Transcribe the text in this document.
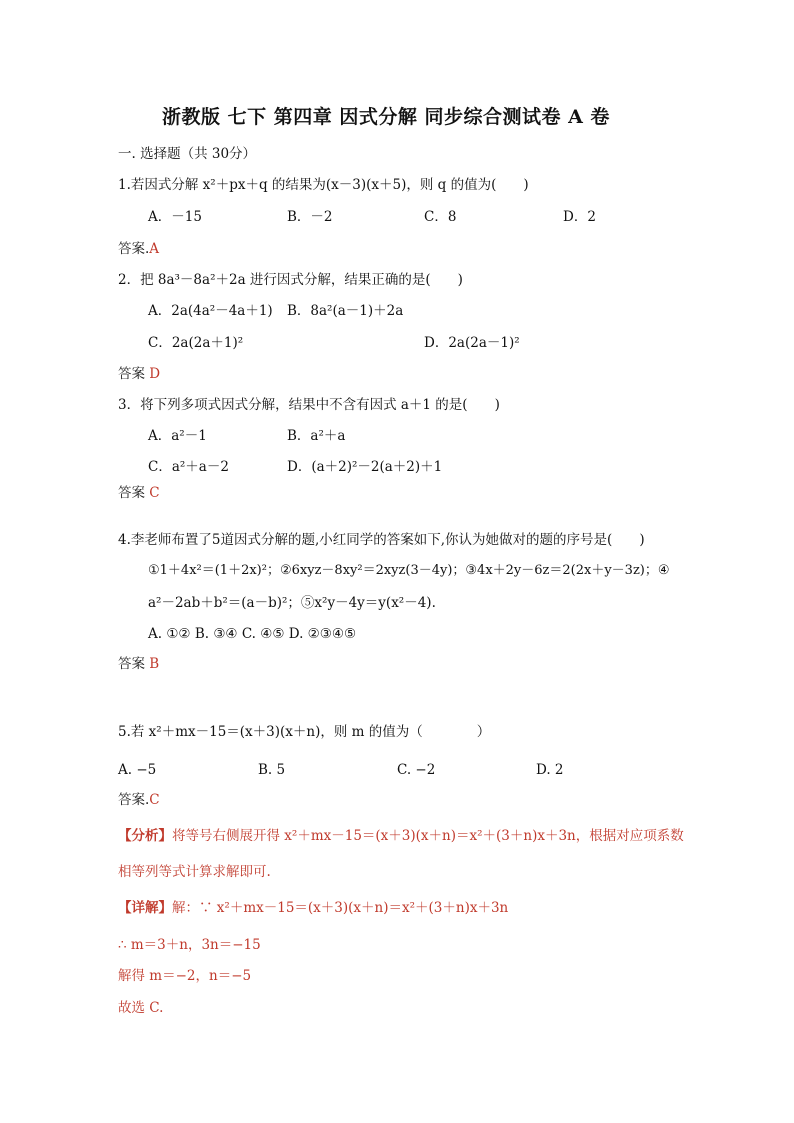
浙教版 七下 第四章 因式分解 同步综合测试卷 A 卷
一. 选择题（共 30分）
1.若因式分解 x²＋px＋q 的结果为(x－3)(x＋5)，则 q 的值为(　　)
A．－15	B．－2	C．8	D．2
答案.A
2．把 8a³－8a²＋2a 进行因式分解，结果正确的是(　　)
A．2a(4a²－4a＋1) B．8a²(a－1)＋2a
C．2a(2a＋1)²	D．2a(2a－1)²
答案 D
3．将下列多项式因式分解，结果中不含有因式 a＋1 的是(　　)
A．a²－1	B．a²＋a
C．a²＋a－2	D．(a＋2)²－2(a＋2)＋1
答案 C
4.李老师布置了5道因式分解的题,小红同学的答案如下,你认为她做对的题的序号是(　　)
①1＋4x²＝(1＋2x)²；②6xyz－8xy²＝2xyz(3－4y)；③4x＋2y－6z＝2(2x＋y－3z)；④
a²－2ab＋b²＝(a－b)²；⑤x²y－4y＝y(x²－4).
A. ①② B. ③④ C. ④⑤ D. ②③④⑤
答案 B
5.若 x²＋mx－15＝(x＋3)(x＋n)，则 m 的值为（　　　　）
A. −5	B. 5	C. −2	D. 2
答案.C
【分析】将等号右侧展开得 x²＋mx－15＝(x＋3)(x＋n)＝x²＋(3＋n)x＋3n，根据对应项系数
相等列等式计算求解即可.
【详解】解：∵ x²＋mx－15＝(x＋3)(x＋n)＝x²＋(3＋n)x＋3n
∴ m＝3＋n，3n＝−15
解得 m＝−2，n＝−5
故选 C.
